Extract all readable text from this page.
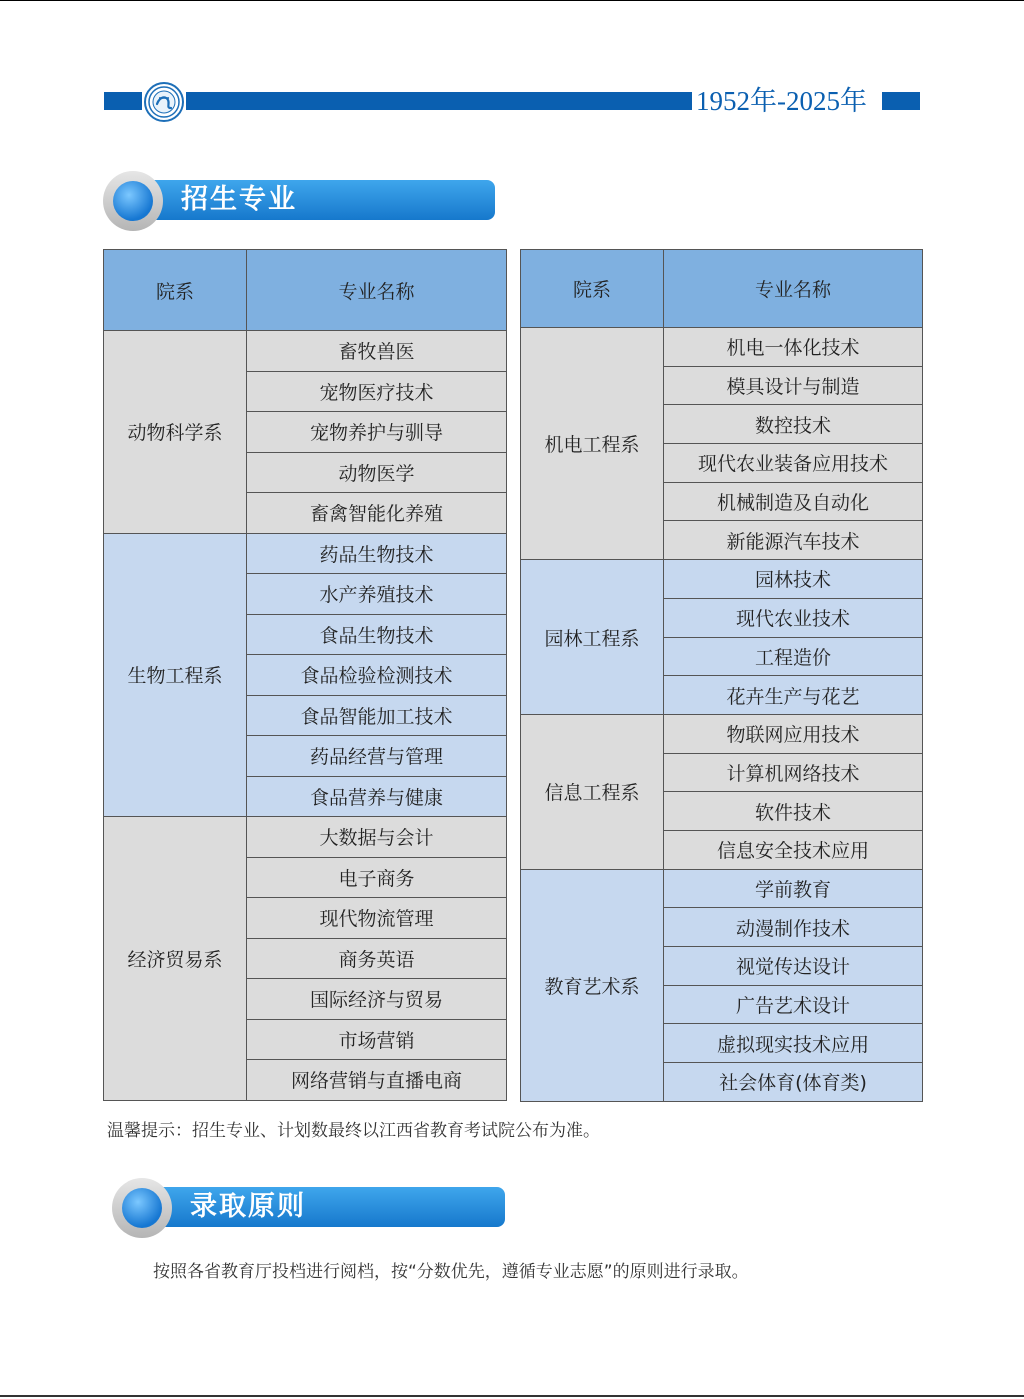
1952年-2025年
招生专业
院系	专业名称
动物科学系	畜牧兽医
	宠物医疗技术
	宠物养护与驯导
	动物医学
	畜禽智能化养殖
生物工程系	药品生物技术
	水产养殖技术
	食品生物技术
	食品检验检测技术
	食品智能加工技术
	药品经营与管理
	食品营养与健康
经济贸易系	大数据与会计
	电子商务
	现代物流管理
	商务英语
	国际经济与贸易
	市场营销
	网络营销与直播电商
院系	专业名称
机电工程系	机电一体化技术
	模具设计与制造
	数控技术
	现代农业装备应用技术
	机械制造及自动化
	新能源汽车技术
园林工程系	园林技术
	现代农业技术
	工程造价
	花卉生产与花艺
信息工程系	物联网应用技术
	计算机网络技术
	软件技术
	信息安全技术应用
教育艺术系	学前教育
	动漫制作技术
	视觉传达设计
	广告艺术设计
	虚拟现实技术应用
	社会体育(体育类)
温馨提示：招生专业、计划数最终以江西省教育考试院公布为准。
录取原则
按照各省教育厅投档进行阅档，按“分数优先，遵循专业志愿”的原则进行录取。
